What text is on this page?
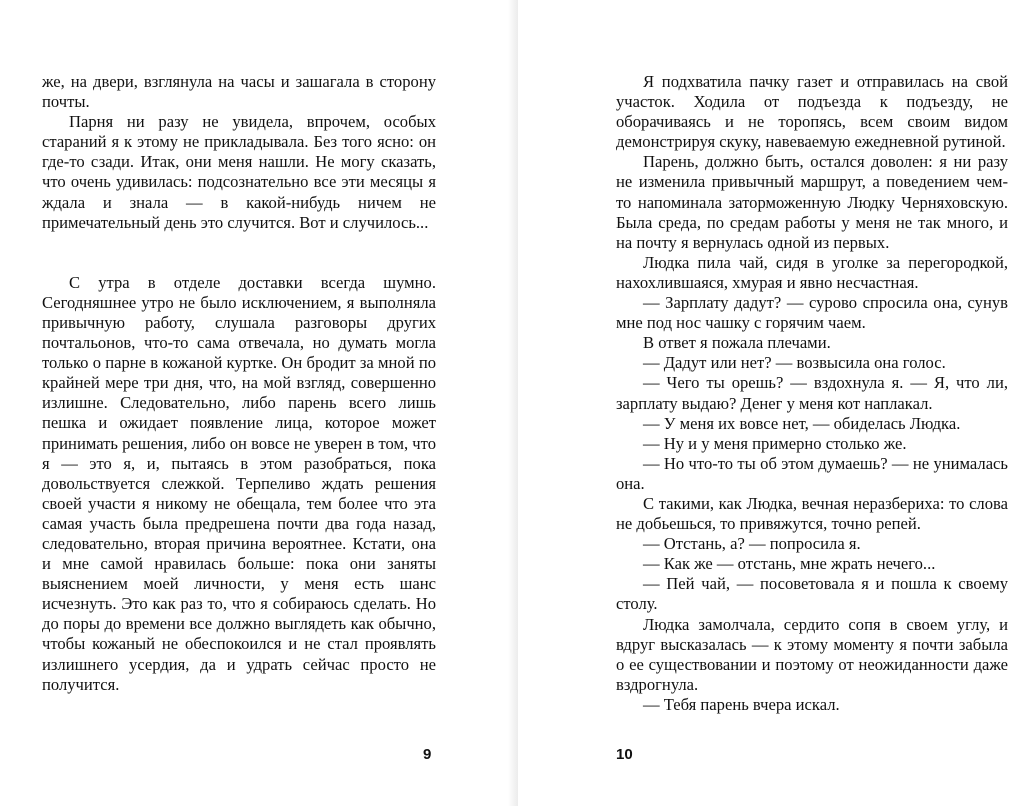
же, на двери, взглянула на часы и зашагала в сторону почты.

Парня ни разу не увидела, впрочем, особых стараний я к этому не прикладывала. Без того ясно: он где-то сзади. Итак, они меня нашли. Не могу сказать, что очень удивилась: подсознательно все эти месяцы я ждала и знала — в какой-нибудь ничем не примечательный день это случится. Вот и случилось...

С утра в отделе доставки всегда шумно. Сегодняшнее утро не было исключением, я выполняла привычную работу, слушала разговоры других почтальонов, что-то сама отвечала, но думать могла только о парне в кожаной куртке. Он бродит за мной по крайней мере три дня, что, на мой взгляд, совершенно излишне. Следовательно, либо парень всего лишь пешка и ожидает появление лица, которое может принимать решения, либо он вовсе не уверен в том, что я — это я, и, пытаясь в этом разобраться, пока довольствуется слежкой. Терпеливо ждать решения своей участи я никому не обещала, тем более что эта самая участь была предрешена почти два года назад, следовательно, вторая причина вероятнее. Кстати, она и мне самой нравилась больше: пока они заняты выяснением моей личности, у меня есть шанс исчезнуть. Это как раз то, что я собираюсь сделать. Но до поры до времени все должно выглядеть как обычно, чтобы кожаный не обеспокоился и не стал проявлять излишнего усердия, да и удрать сейчас просто не получится.

9

Я подхватила пачку газет и отправилась на свой участок. Ходила от подъезда к подъезду, не оборачиваясь и не торопясь, всем своим видом демонстрируя скуку, навеваемую ежедневной рутиной.

Парень, должно быть, остался доволен: я ни разу не изменила привычный маршрут, а поведением чем-то напоминала заторможенную Людку Черняховскую. Была среда, по средам работы у меня не так много, и на почту я вернулась одной из первых.

Людка пила чай, сидя в уголке за перегородкой, нахохлившаяся, хмурая и явно несчастная.

— Зарплату дадут? — сурово спросила она, сунув мне под нос чашку с горячим чаем.

В ответ я пожала плечами.

— Дадут или нет? — возвысила она голос.

— Чего ты орешь? — вздохнула я. — Я, что ли, зарплату выдаю? Денег у меня кот наплакал.

— У меня их вовсе нет, — обиделась Людка.

— Ну и у меня примерно столько же.

— Но что-то ты об этом думаешь? — не унималась она.

С такими, как Людка, вечная неразбериха: то слова не добьешься, то привяжутся, точно репей.

— Отстань, а? — попросила я.

— Как же — отстань, мне жрать нечего...

— Пей чай, — посоветовала я и пошла к своему столу.

Людка замолчала, сердито сопя в своем углу, и вдруг высказалась — к этому моменту я почти забыла о ее существовании и поэтому от неожиданности даже вздрогнула.

— Тебя парень вчера искал.

10
